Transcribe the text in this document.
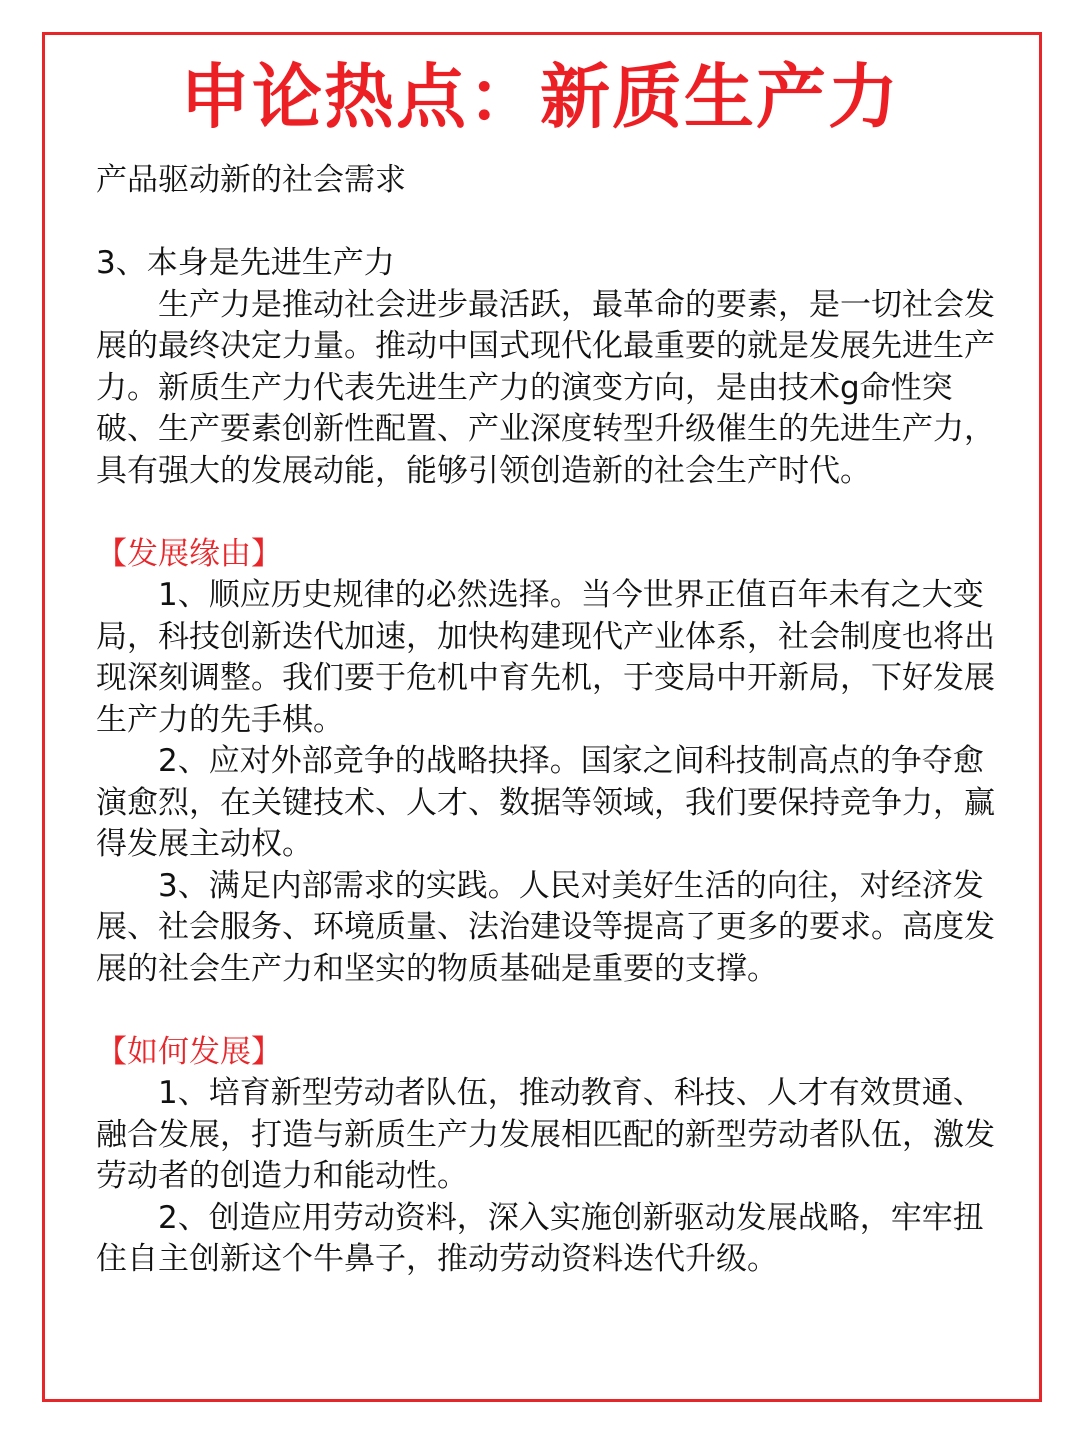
申论热点：新质生产力

产品驱动新的社会需求

3、本身是先进生产力

生产力是推动社会进步最活跃，最革命的要素，是一切社会发展的最终决定力量。推动中国式现代化最重要的就是发展先进生产力。新质生产力代表先进生产力的演变方向，是由技术g命性突破、生产要素创新性配置、产业深度转型升级催生的先进生产力，具有强大的发展动能，能够引领创造新的社会生产时代。

【发展缘由】

1、顺应历史规律的必然选择。当今世界正值百年未有之大变局，科技创新迭代加速，加快构建现代产业体系，社会制度也将出现深刻调整。我们要于危机中育先机，于变局中开新局，下好发展生产力的先手棋。

2、应对外部竞争的战略抉择。国家之间科技制高点的争夺愈演愈烈，在关键技术、人才、数据等领域，我们要保持竞争力，赢得发展主动权。

3、满足内部需求的实践。人民对美好生活的向往，对经济发展、社会服务、环境质量、法治建设等提高了更多的要求。高度发展的社会生产力和坚实的物质基础是重要的支撑。

【如何发展】

1、培育新型劳动者队伍，推动教育、科技、人才有效贯通、融合发展，打造与新质生产力发展相匹配的新型劳动者队伍，激发劳动者的创造力和能动性。

2、创造应用劳动资料，深入实施创新驱动发展战略，牢牢扭住自主创新这个牛鼻子，推动劳动资料迭代升级。
